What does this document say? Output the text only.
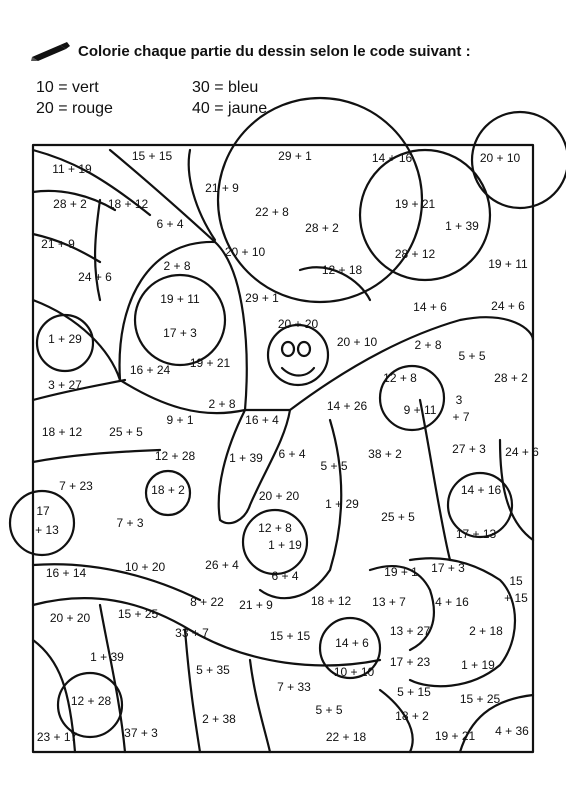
Colorie chaque partie du dessin selon le code suivant :
10 = vert
20 = rouge
30 = bleu
40 = jaune
15 + 15	29 + 1	14 + 16	20 + 10
11 + 19
21 + 9
28 + 2 18 + 12
22 + 8
19 + 21
6 + 4	28 + 2	1 + 39
21 + 9
2 + 8
20 + 10	28 + 12
12 + 18	19 + 11
24 + 6
14 + 6
29 + 1
19 + 11	24 + 6
1 + 29	17 + 3
20 + 20
20 + 10	2 + 8
5 + 5
3 + 27
16 + 24 19 + 21
12 + 8	28 + 2
2 + 8	14 + 26	9 + 11
3
+ 7
18 + 12 25 + 5
9 + 1	16 + 4
12 + 28	1 + 39 6 + 4
5 + 5
38 + 2	27 + 3 24 + 6
7 + 23	18 + 2	20 + 20
1 + 29
14 + 16
17
+ 13	7 + 3	12 + 8
1 + 19
25 + 5
17 + 13
16 + 14	10 + 20	26 + 4
6 + 4	19 + 1 17 + 3
15
+ 15
20 + 20 15 + 25
8 + 22 21 + 9	18 + 12 13 + 7 4 + 16
33 + 7	15 + 15	13 + 27	2 + 18
1 + 39
14 + 6
17 + 23	1 + 19
5 + 35	10 + 10
7 + 33	5 + 15
12 + 28	15 + 25
5 + 5	18 + 2
2 + 38
23 + 17	37 + 3	22 + 18	19 + 21 4 + 36
